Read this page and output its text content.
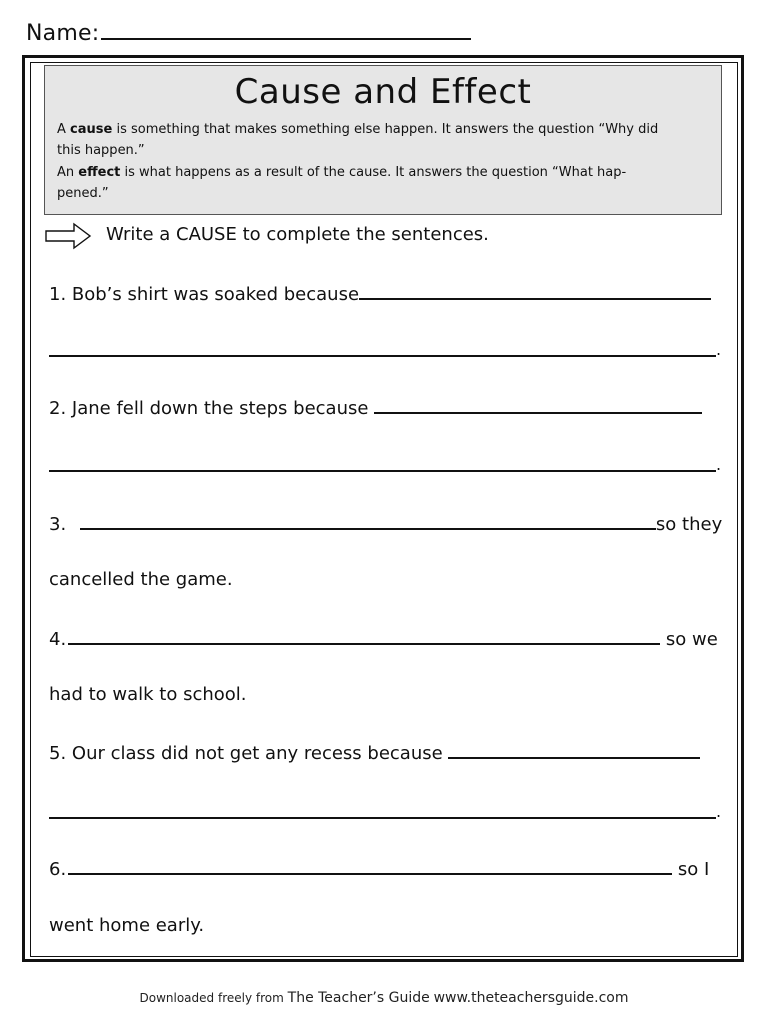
Name:
Cause and Effect
A cause is something that makes something else happen. It answers the question “Why did
this happen.”
An effect is what happens as a result of the cause. It answers the question “What hap-
pened.”
Write a CAUSE to complete the sentences.
1. Bob’s shirt was soaked because
.
2. Jane fell down the steps because
.
3.	so they
cancelled the game.
4.	so we
had to walk to school.
5. Our class did not get any recess because
.
6.	so I
went home early.
Downloaded freely from The Teacher’s Guide www.theteachersguide.com
